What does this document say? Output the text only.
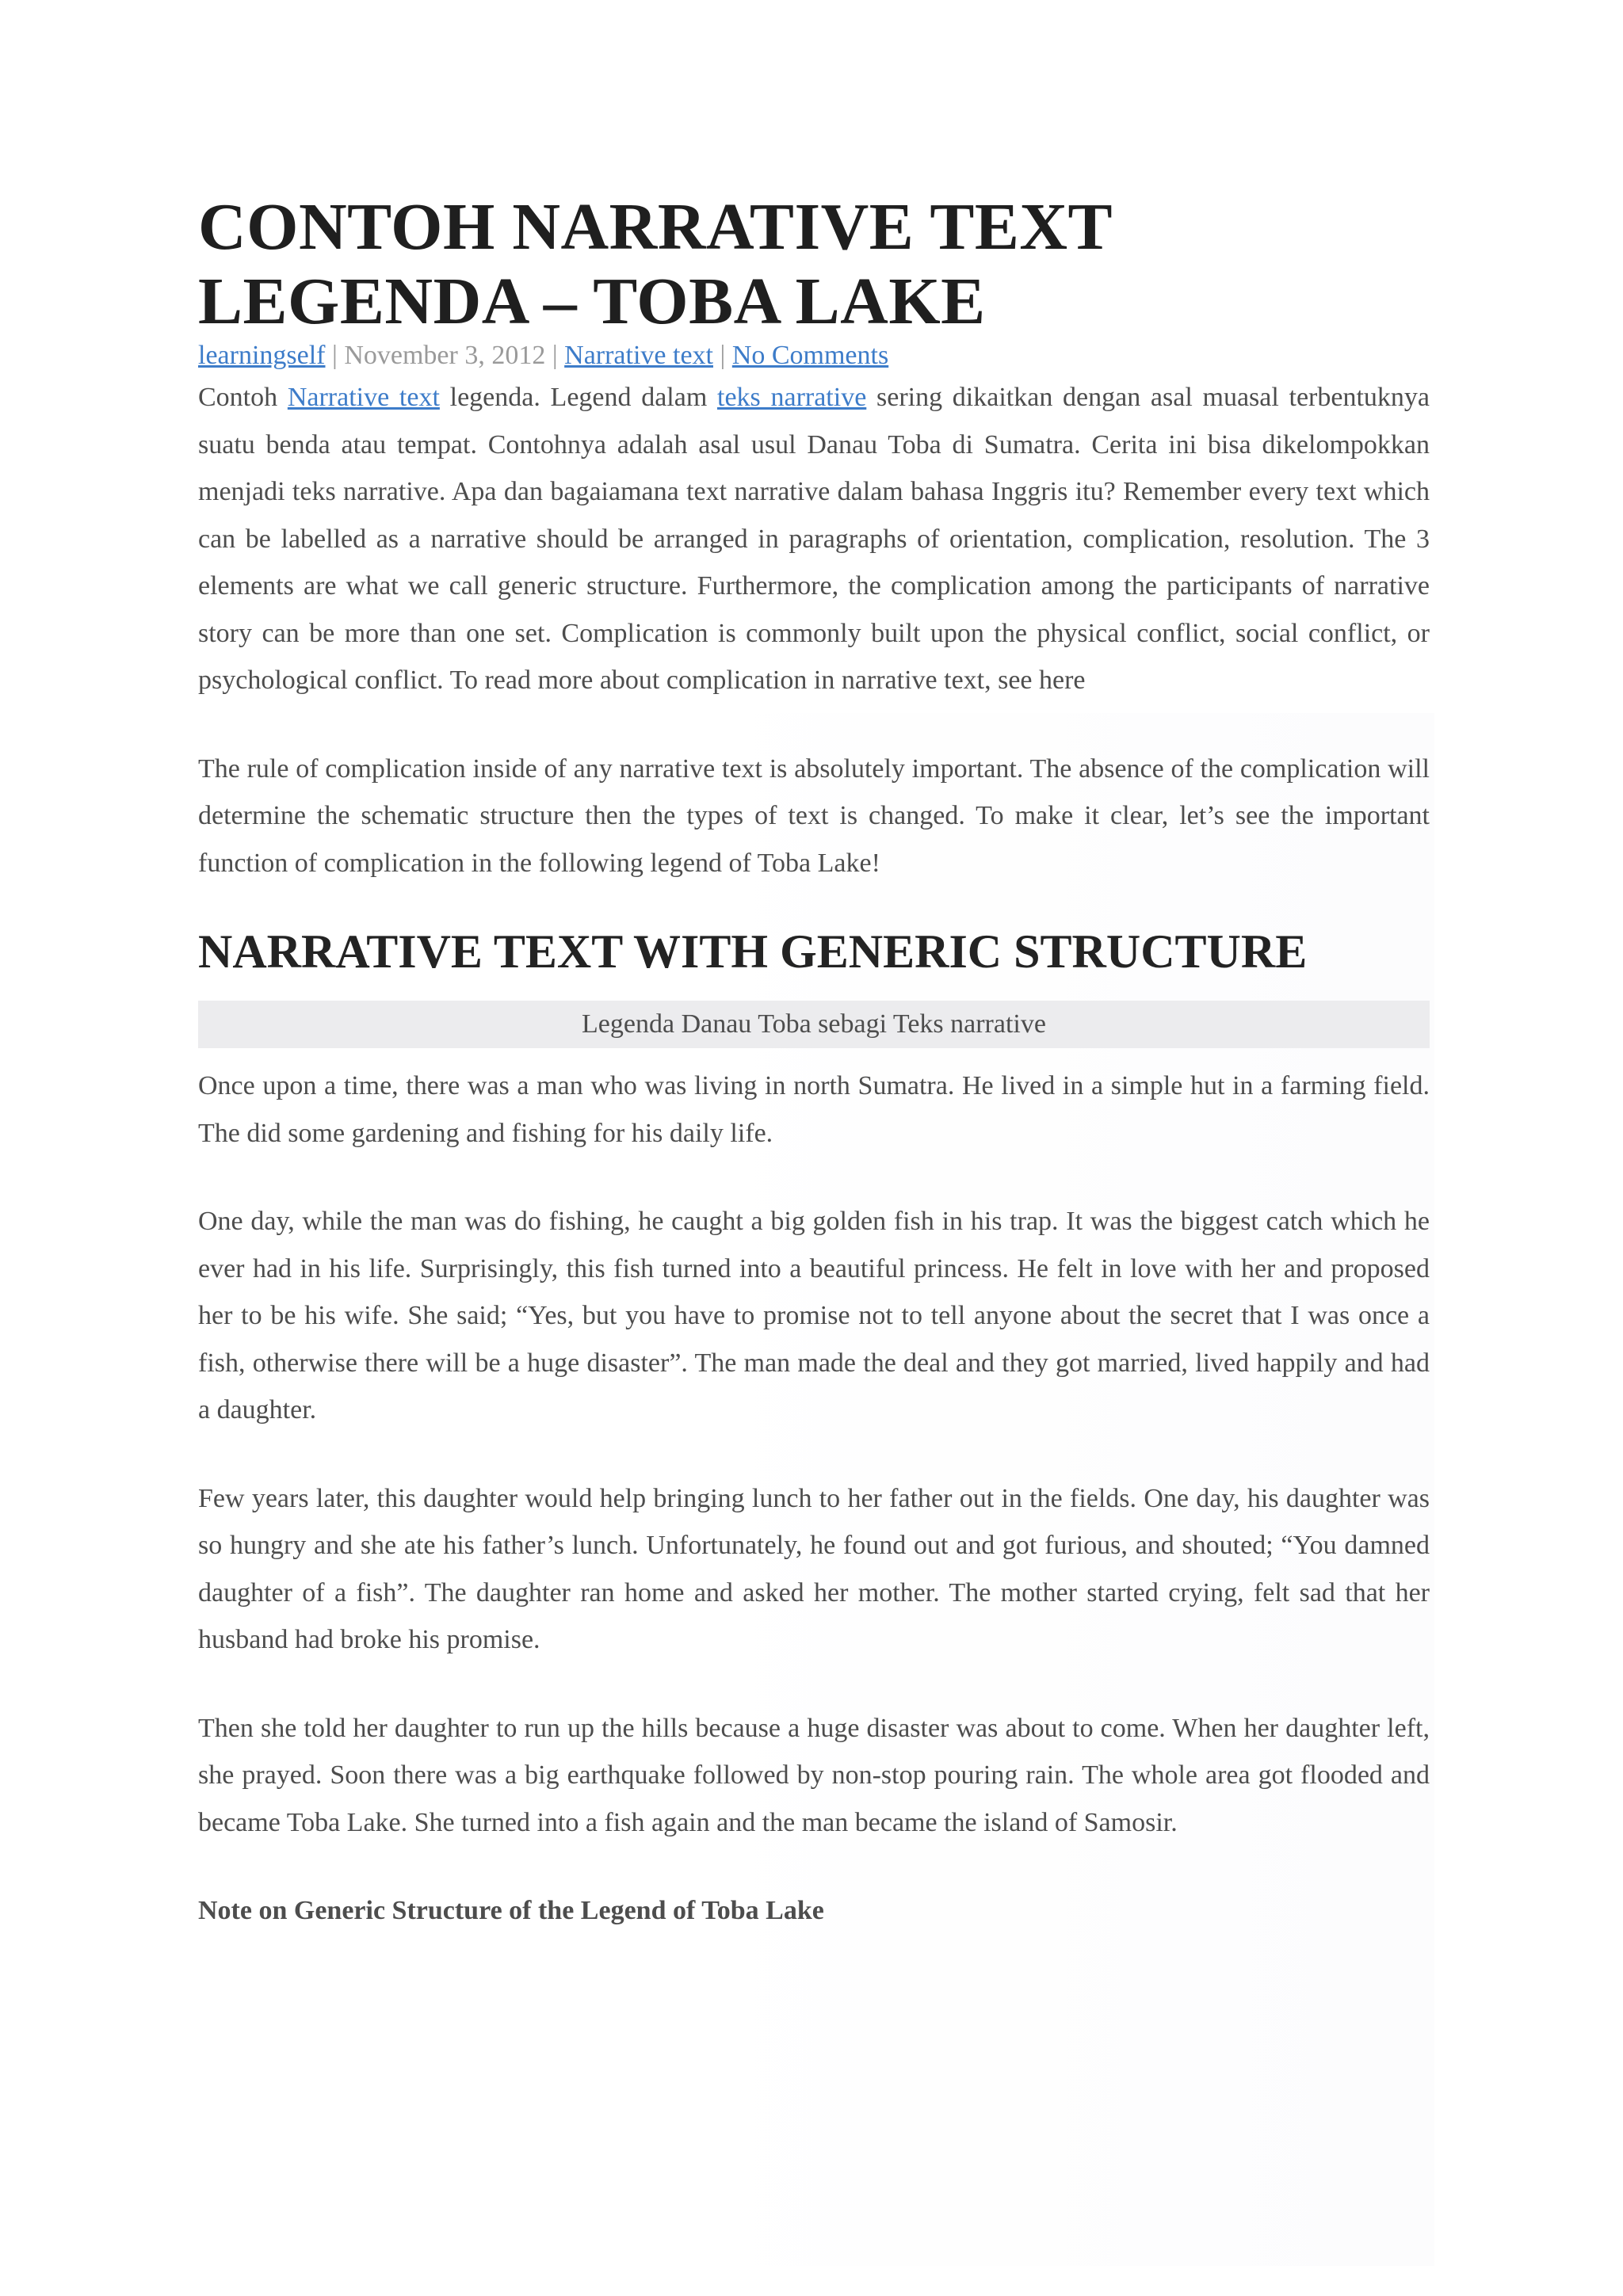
CONTOH NARRATIVE TEXT LEGENDA – TOBA LAKE
learningself | November 3, 2012 | Narrative text | No Comments

Contoh Narrative text legenda. Legend dalam teks narrative sering dikaitkan dengan asal muasal terbentuknya suatu benda atau tempat. Contohnya adalah asal usul Danau Toba di Sumatra. Cerita ini bisa dikelompokkan menjadi teks narrative. Apa dan bagaiamana text narrative dalam bahasa Inggris itu? Remember every text which can be labelled as a narrative should be arranged in paragraphs of orientation, complication, resolution. The 3 elements are what we call generic structure. Furthermore, the complication among the participants of narrative story can be more than one set. Complication is commonly built upon the physical conflict, social conflict, or psychological conflict. To read more about complication in narrative text, see here

The rule of complication inside of any narrative text is absolutely important. The absence of the complication will determine the schematic structure then the types of text is changed. To make it clear, let’s see the important function of complication in the following legend of Toba Lake!

NARRATIVE TEXT WITH GENERIC STRUCTURE
Legenda Danau Toba sebagi Teks narrative

Once upon a time, there was a man who was living in north Sumatra. He lived in a simple hut in a farming field. The did some gardening and fishing for his daily life.

One day, while the man was do fishing, he caught a big golden fish in his trap. It was the biggest catch which he ever had in his life. Surprisingly, this fish turned into a beautiful princess. He felt in love with her and proposed her to be his wife. She said; “Yes, but you have to promise not to tell anyone about the secret that I was once a fish, otherwise there will be a huge disaster”. The man made the deal and they got married, lived happily and had a daughter.

Few years later, this daughter would help bringing lunch to her father out in the fields. One day, his daughter was so hungry and she ate his father’s lunch. Unfortunately, he found out and got furious, and shouted; “You damned daughter of a fish”. The daughter ran home and asked her mother. The mother started crying, felt sad that her husband had broke his promise.

Then she told her daughter to run up the hills because a huge disaster was about to come. When her daughter left, she prayed. Soon there was a big earthquake followed by non-stop pouring rain. The whole area got flooded and became Toba Lake. She turned into a fish again and the man became the island of Samosir.

Note on Generic Structure of the Legend of Toba Lake
